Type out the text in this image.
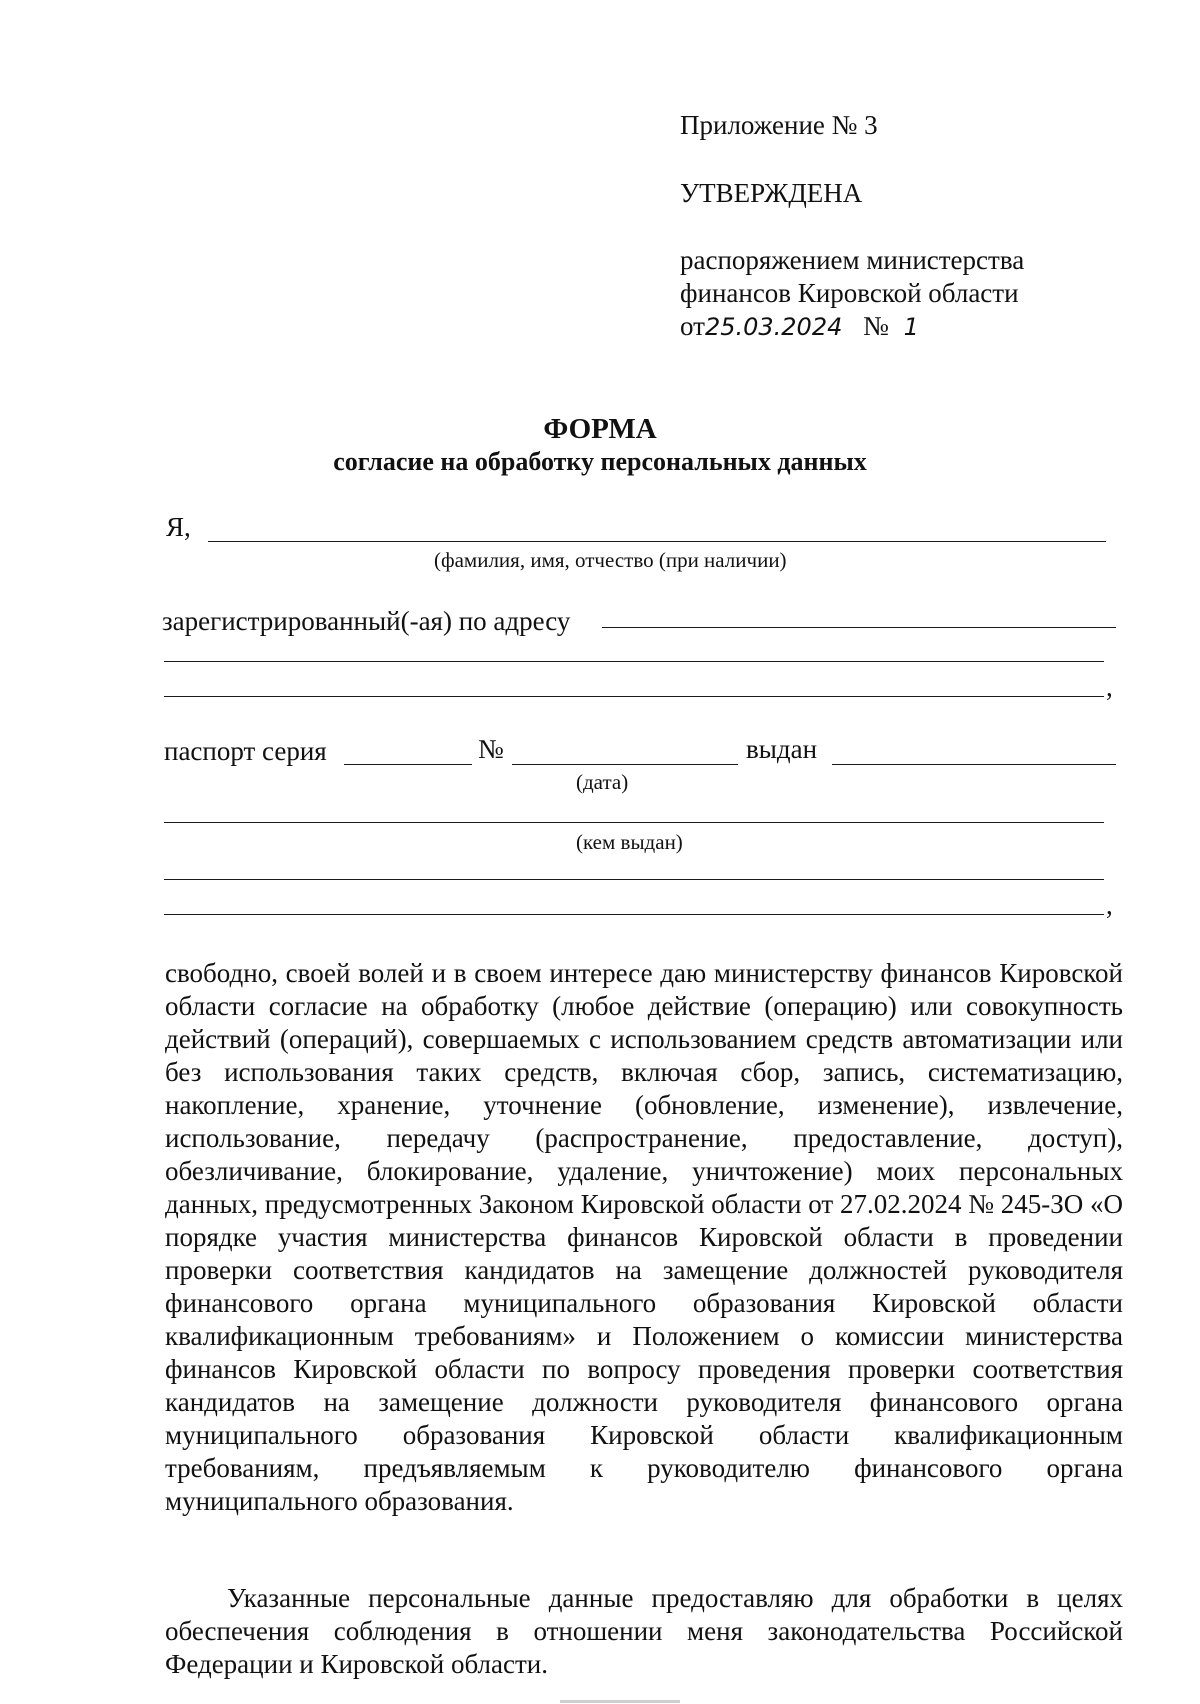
Приложение № 3
УТВЕРЖДЕНА
распоряжением министерства
финансов Кировской области
от25.03.2024 № 1
ФОРМА
согласие на обработку персональных данных
Я,
(фамилия, имя, отчество (при наличии)
зарегистрированный(-ая) по адресу
,
паспорт серия	№	выдан
(дата)
(кем выдан)
,
свободно, своей волей и в своем интересе даю министерству финансов Кировской области согласие на обработку (любое действие (операцию) или совокупность действий (операций), совершаемых с использованием средств автоматизации или без использования таких средств, включая сбор, запись, систематизацию, накопление, хранение, уточнение (обновление, изменение), извлечение, использование, передачу (распространение, предоставление, доступ), обезличивание, блокирование, удаление, уничтожение) моих персональных данных, предусмотренных Законом Кировской области от 27.02.2024 № 245-ЗО «О порядке участия министерства финансов Кировской области в проведении проверки соответствия кандидатов на замещение должностей руководителя финансового органа муниципального образования Кировской области квалификационным требованиям» и Положением о комиссии министерства финансов Кировской области по вопросу проведения проверки соответствия кандидатов на замещение должности руководителя финансового органа муниципального образования Кировской области квалификационным требованиям, предъявляемым к руководителю финансового органа муниципального образования.
Указанные персональные данные предоставляю для обработки в целях обеспечения соблюдения в отношении меня законодательства Российской Федерации и Кировской области.
